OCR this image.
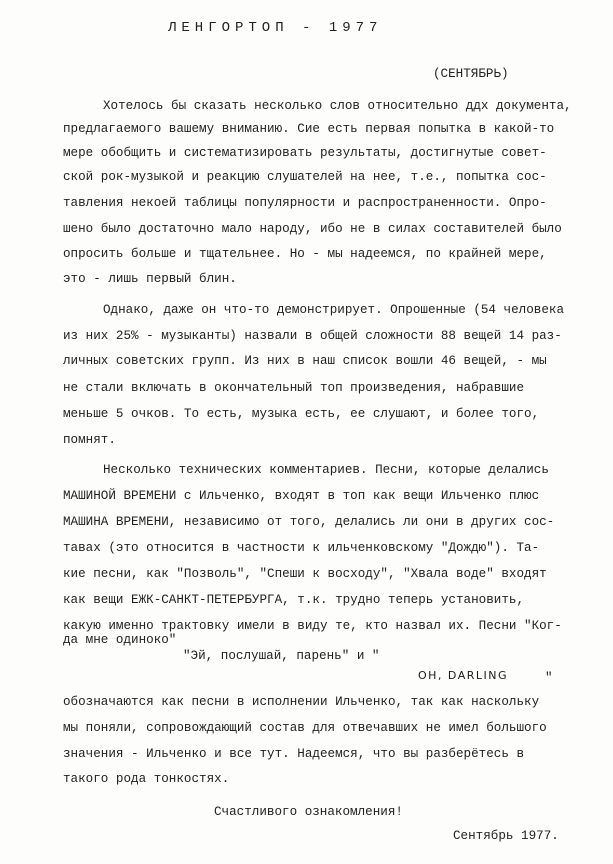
ЛЕНГОРТОП - 1977
(СЕНТЯБРЬ)
Хотелось бы сказать несколько слов относительно ддх документа,
предлагаемого вашему вниманию. Сие есть первая попытка в какой-то
мере обобщить и систематизировать результаты, достигнутые совет-
ской рок-музыкой и реакцию слушателей на нее, т.е., попытка сос-
тавления некоей таблицы популярности и распространенности. Опро-
шено было достаточно мало народу, ибо не в силах составителей было
опросить больше и тщательнее. Но - мы надеемся, по крайней мере,
это - лишь первый блин.
Однако, даже он что-то демонстрирует. Опрошенные (54 человека
из них 25% - музыканты) назвали в общей сложности 88 вещей 14 раз-
личных советских групп. Из них в наш список вошли 46 вещей, - мы
не стали включать в окончательный топ произведения, набравшие
меньше 5 очков. То есть, музыка есть, ее слушают, и более того,
помнят.
Несколько технических комментариев. Песни, которые делались
МАШИНОЙ ВРЕМЕНИ с Ильченко, входят в топ как вещи Ильченко плюс
МАШИНА ВРЕМЕНИ, независимо от того, делались ли они в других сос-
тавах (это относится в частности к ильченковскому "Дождю"). Та-
кие песни, как "Позволь", "Спеши к восходу", "Хвала воде" входят
как вещи ЕЖК-САНКТ-ПЕТЕРБУРГА, т.к. трудно теперь установить,
какую именно трактовку имели в виду те, кто назвал их. Песни "Ког-
да мне одиноко"
"Эй, послушай, парень" и "
OH, DARLING	"
обозначаются как песни в исполнении Ильченко, так как наскольку
мы поняли, сопровождающий состав для отвечавших не имел большого
значения - Ильченко и все тут. Надеемся, что вы разберётесь в
такого рода тонкостях.
Счастливого ознакомления!
Сентябрь 1977.
